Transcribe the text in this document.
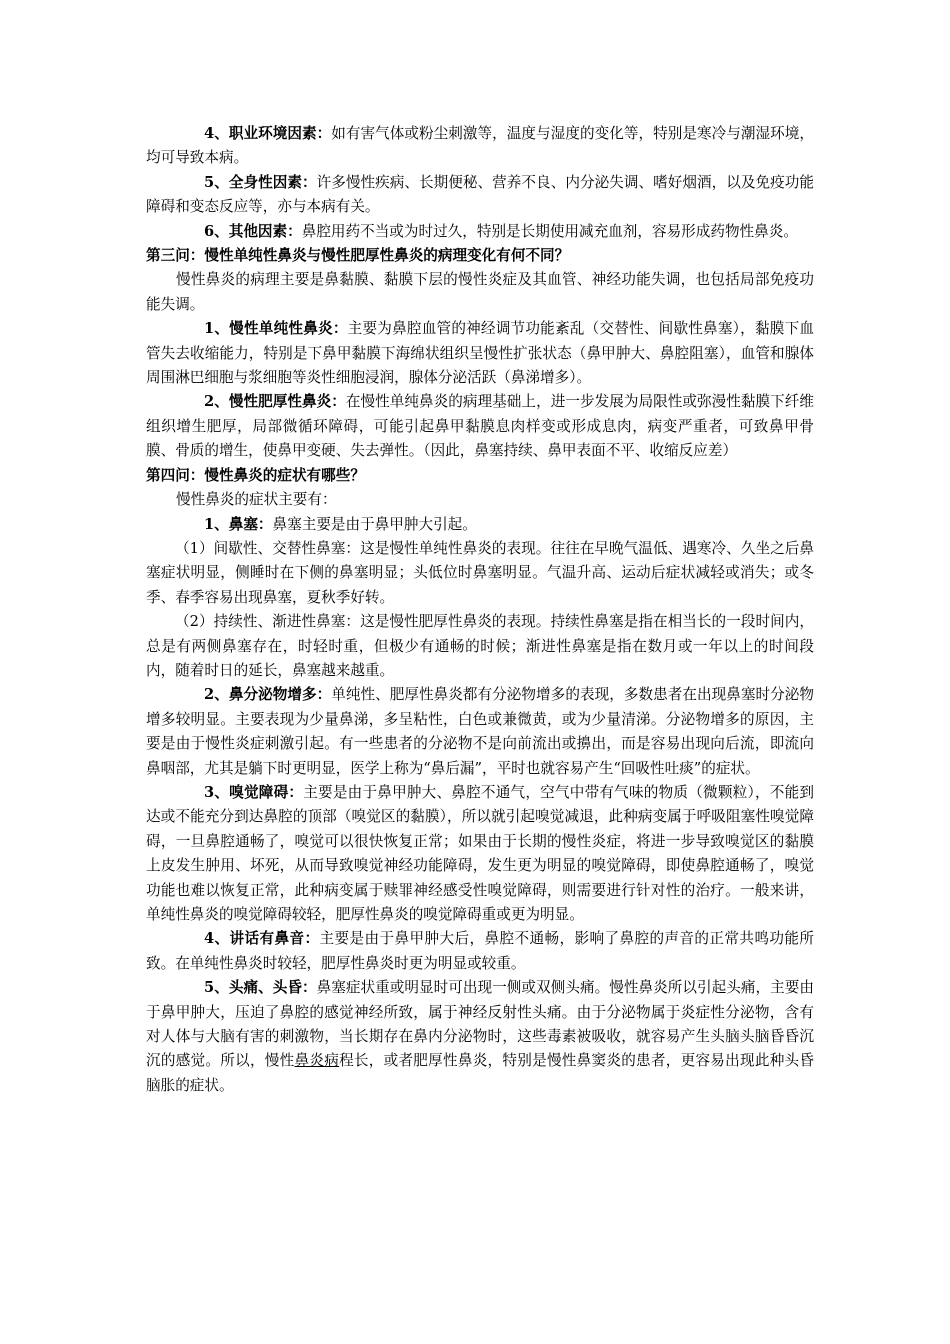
4、职业环境因素：如有害气体或粉尘刺激等，温度与湿度的变化等，特别是寒冷与潮湿环境，均可导致本病。

5、全身性因素：许多慢性疾病、长期便秘、营养不良、内分泌失调、嗜好烟酒，以及免疫功能障碍和变态反应等，亦与本病有关。

6、其他因素：鼻腔用药不当或为时过久，特别是长期使用减充血剂，容易形成药物性鼻炎。

第三问：慢性单纯性鼻炎与慢性肥厚性鼻炎的病理变化有何不同？

慢性鼻炎的病理主要是鼻黏膜、黏膜下层的慢性炎症及其血管、神经功能失调，也包括局部免疫功能失调。

1、慢性单纯性鼻炎：主要为鼻腔血管的神经调节功能紊乱（交替性、间歇性鼻塞），黏膜下血管失去收缩能力，特别是下鼻甲黏膜下海绵状组织呈慢性扩张状态（鼻甲肿大、鼻腔阻塞），血管和腺体周围淋巴细胞与浆细胞等炎性细胞浸润，腺体分泌活跃（鼻涕增多）。

2、慢性肥厚性鼻炎：在慢性单纯鼻炎的病理基础上，进一步发展为局限性或弥漫性黏膜下纤维组织增生肥厚，局部微循环障碍，可能引起鼻甲黏膜息肉样变或形成息肉，病变严重者，可致鼻甲骨膜、骨质的增生，使鼻甲变硬、失去弹性。（因此，鼻塞持续、鼻甲表面不平、收缩反应差）

第四问：慢性鼻炎的症状有哪些？

慢性鼻炎的症状主要有：

1、鼻塞：鼻塞主要是由于鼻甲肿大引起。

（1）间歇性、交替性鼻塞：这是慢性单纯性鼻炎的表现。往往在早晚气温低、遇寒冷、久坐之后鼻塞症状明显，侧睡时在下侧的鼻塞明显；头低位时鼻塞明显。气温升高、运动后症状减轻或消失；或冬季、春季容易出现鼻塞，夏秋季好转。

（2）持续性、渐进性鼻塞：这是慢性肥厚性鼻炎的表现。持续性鼻塞是指在相当长的一段时间内，总是有两侧鼻塞存在，时轻时重，但极少有通畅的时候；渐进性鼻塞是指在数月或一年以上的时间段内，随着时日的延长，鼻塞越来越重。

2、鼻分泌物增多：单纯性、肥厚性鼻炎都有分泌物增多的表现，多数患者在出现鼻塞时分泌物增多较明显。主要表现为少量鼻涕，多呈粘性，白色或兼微黄，或为少量清涕。分泌物增多的原因，主要是由于慢性炎症刺激引起。有一些患者的分泌物不是向前流出或擤出，而是容易出现向后流，即流向鼻咽部，尤其是躺下时更明显，医学上称为“鼻后漏”，平时也就容易产生“回吸性吐痰”的症状。

3、嗅觉障碍：主要是由于鼻甲肿大、鼻腔不通气，空气中带有气味的物质（微颗粒），不能到达或不能充分到达鼻腔的顶部（嗅觉区的黏膜），所以就引起嗅觉减退，此种病变属于呼吸阻塞性嗅觉障碍，一旦鼻腔通畅了，嗅觉可以很快恢复正常；如果由于长期的慢性炎症，将进一步导致嗅觉区的黏膜上皮发生肿用、坏死，从而导致嗅觉神经功能障碍，发生更为明显的嗅觉障碍，即使鼻腔通畅了，嗅觉功能也难以恢复正常，此种病变属于赎罪神经感受性嗅觉障碍，则需要进行针对性的治疗。一般来讲，单纯性鼻炎的嗅觉障碍较轻，肥厚性鼻炎的嗅觉障碍重或更为明显。

4、讲话有鼻音：主要是由于鼻甲肿大后，鼻腔不通畅，影响了鼻腔的声音的正常共鸣功能所致。在单纯性鼻炎时较轻，肥厚性鼻炎时更为明显或较重。

5、头痛、头昏：鼻塞症状重或明显时可出现一侧或双侧头痛。慢性鼻炎所以引起头痛，主要由于鼻甲肿大，压迫了鼻腔的感觉神经所致，属于神经反射性头痛。由于分泌物属于炎症性分泌物，含有对人体与大脑有害的刺激物，当长期存在鼻内分泌物时，这些毒素被吸收，就容易产生头脑头脑昏昏沉沉的感觉。所以，慢性鼻炎病程长，或者肥厚性鼻炎，特别是慢性鼻窦炎的患者，更容易出现此种头昏脑胀的症状。
